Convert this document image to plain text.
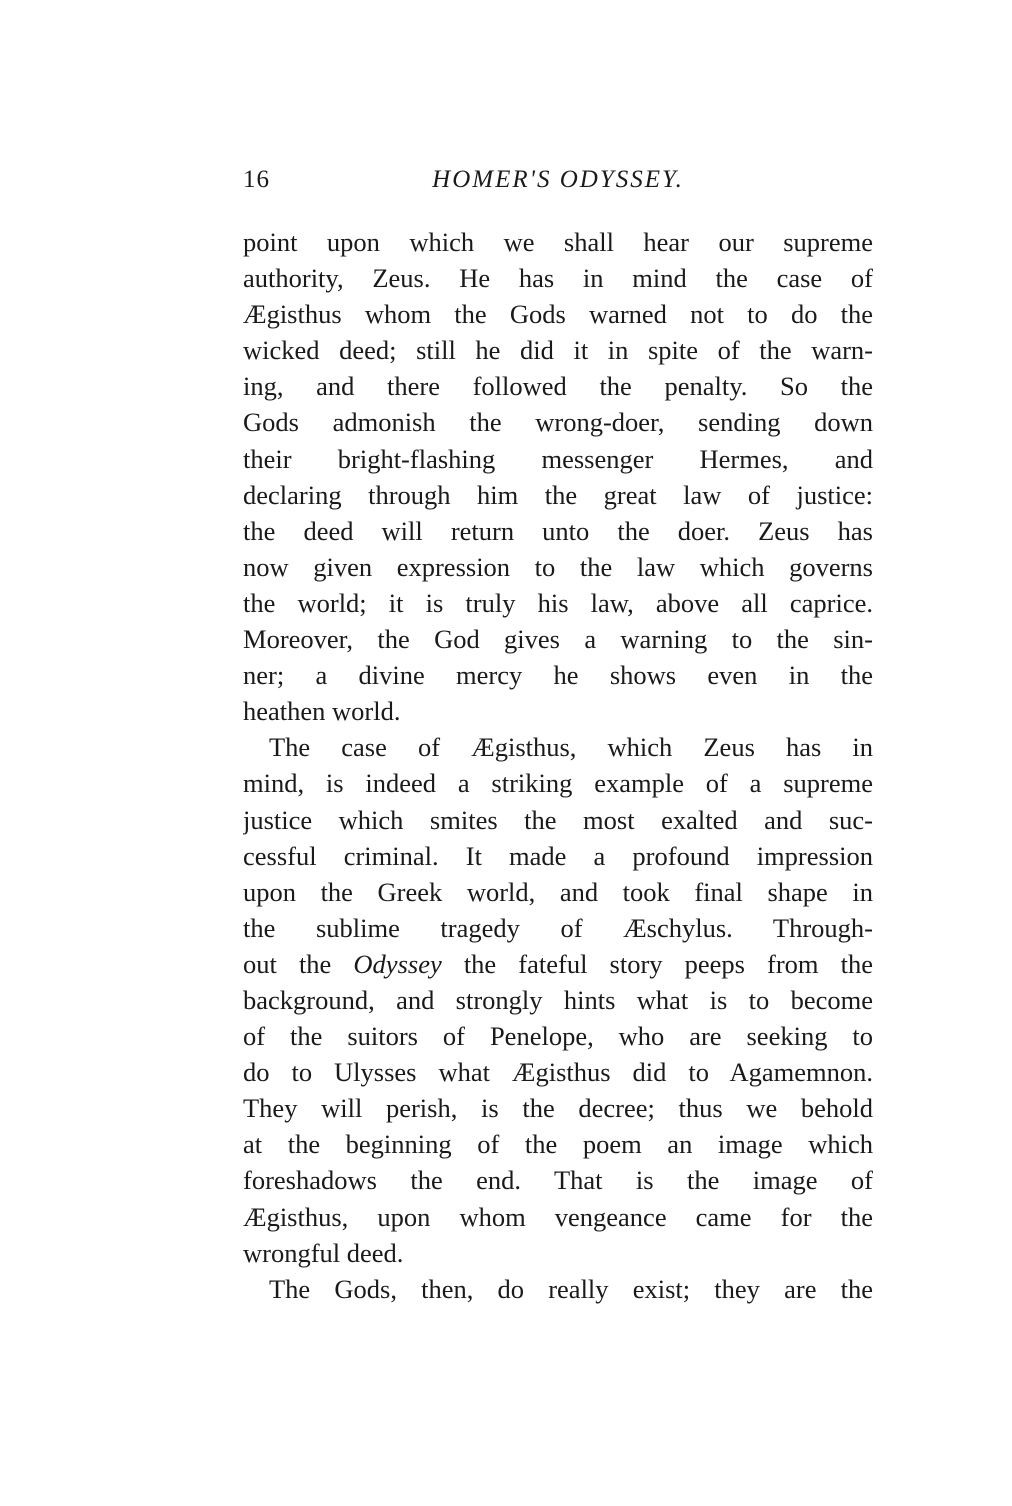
16	HOMER'S ODYSSEY.
point upon which we shall hear our supreme
authority, Zeus. He has in mind the case of
Ægisthus whom the Gods warned not to do the
wicked deed; still he did it in spite of the warn-
ing, and there followed the penalty. So the
Gods admonish the wrong-doer, sending down
their bright-flashing messenger Hermes, and
declaring through him the great law of justice:
the deed will return unto the doer. Zeus has
now given expression to the law which governs
the world; it is truly his law, above all caprice.
Moreover, the God gives a warning to the sin-
ner; a divine mercy he shows even in the
heathen world.
The case of Ægisthus, which Zeus has in
mind, is indeed a striking example of a supreme
justice which smites the most exalted and suc-
cessful criminal. It made a profound impression
upon the Greek world, and took final shape in
the sublime tragedy of Æschylus. Through-
out the Odyssey the fateful story peeps from the
background, and strongly hints what is to become
of the suitors of Penelope, who are seeking to
do to Ulysses what Ægisthus did to Agamemnon.
They will perish, is the decree; thus we behold
at the beginning of the poem an image which
foreshadows the end. That is the image of
Ægisthus, upon whom vengeance came for the
wrongful deed.
The Gods, then, do really exist; they are the
